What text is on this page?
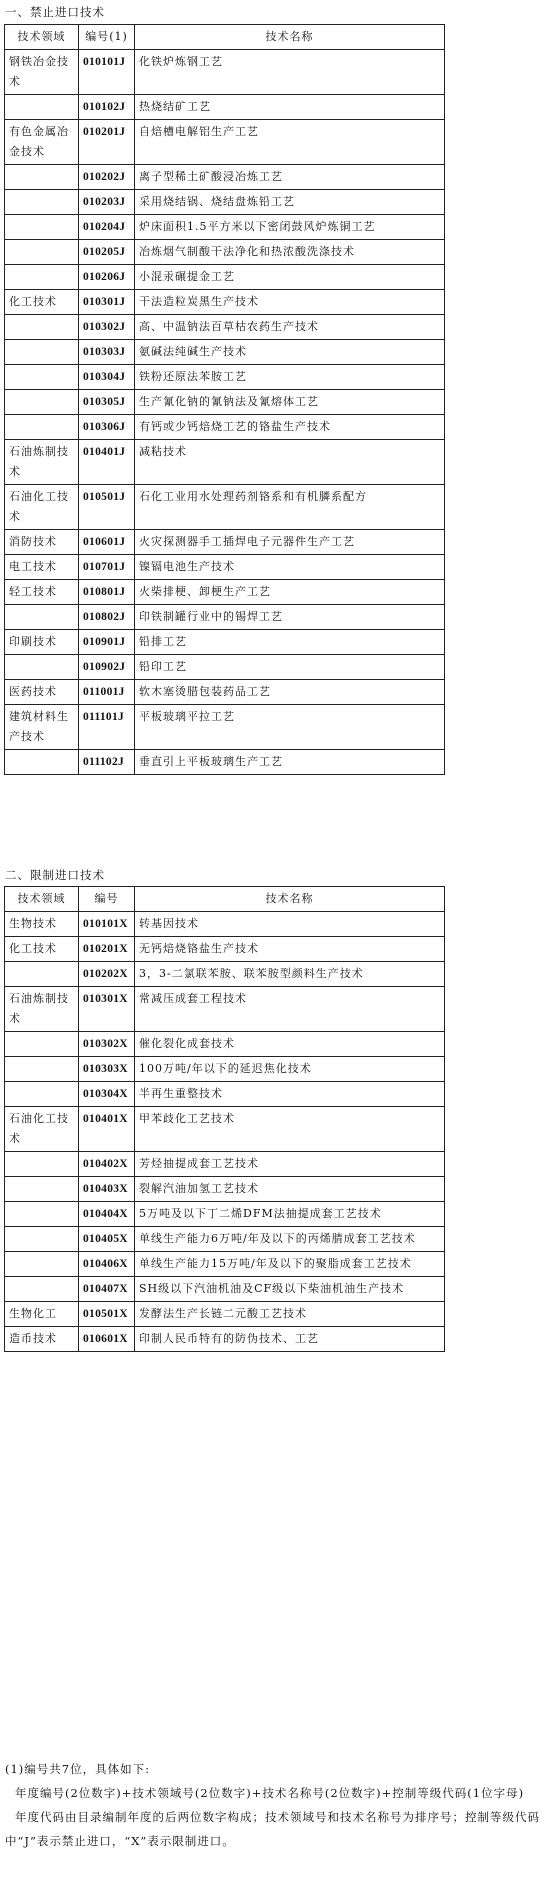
一、禁止进口技术
技术领域	编号(1)	技术名称
钢铁冶金技术	010101J	化铁炉炼钢工艺
	010102J	热烧结矿工艺
有色金属冶金技术	010201J	自焙槽电解铝生产工艺
	010202J	离子型稀土矿酸浸冶炼工艺
	010203J	采用烧结锅、烧结盘炼铅工艺
	010204J	炉床面积1.5平方米以下密闭鼓风炉炼铜工艺
	010205J	冶炼烟气制酸干法净化和热浓酸洗涤技术
	010206J	小混汞碾提金工艺
化工技术	010301J	干法造粒炭黑生产技术
	010302J	高、中温钠法百草枯农药生产技术
	010303J	氨碱法纯碱生产技术
	010304J	铁粉还原法苯胺工艺
	010305J	生产氰化钠的氰钠法及氰熔体工艺
	010306J	有钙或少钙焙烧工艺的铬盐生产技术
石油炼制技术	010401J	减粘技术
石油化工技术	010501J	石化工业用水处理药剂铬系和有机膦系配方
消防技术	010601J	火灾探测器手工插焊电子元器件生产工艺
电工技术	010701J	镍镉电池生产技术
轻工技术	010801J	火柴排梗、卸梗生产工艺
	010802J	印铁制罐行业中的锡焊工艺
印刷技术	010901J	铅排工艺
	010902J	铅印工艺
医药技术	011001J	软木塞烫腊包装药品工艺
建筑材料生产技术	011101J	平板玻璃平拉工艺
	011102J	垂直引上平板玻璃生产工艺
二、限制进口技术
技术领域	编号	技术名称
生物技术	010101X	转基因技术
化工技术	010201X	无钙焙烧铬盐生产技术
	010202X	3，3-二氯联苯胺、联苯胺型颜料生产技术
石油炼制技术	010301X	常减压成套工程技术
	010302X	催化裂化成套技术
	010303X	100万吨/年以下的延迟焦化技术
	010304X	半再生重整技术
石油化工技术	010401X	甲苯歧化工艺技术
	010402X	芳烃抽提成套工艺技术
	010403X	裂解汽油加氢工艺技术
	010404X	5万吨及以下丁二烯DFM法抽提成套工艺技术
	010405X	单线生产能力6万吨/年及以下的丙烯腈成套工艺技术
	010406X	单线生产能力15万吨/年及以下的聚脂成套工艺技术
	010407X	SH级以下汽油机油及CF级以下柴油机油生产技术
生物化工	010501X	发酵法生产长链二元酸工艺技术
造币技术	010601X	印制人民币特有的防伪技术、工艺

(1)编号共7位，具体如下:

年度编号(2位数字)+技术领域号(2位数字)+技术名称号(2位数字)+控制等级代码(1位字母)

年度代码由目录编制年度的后两位数字构成；技术领域号和技术名称号为排序号；控制等级代码中“J”表示禁止进口，“X”表示限制进口。
